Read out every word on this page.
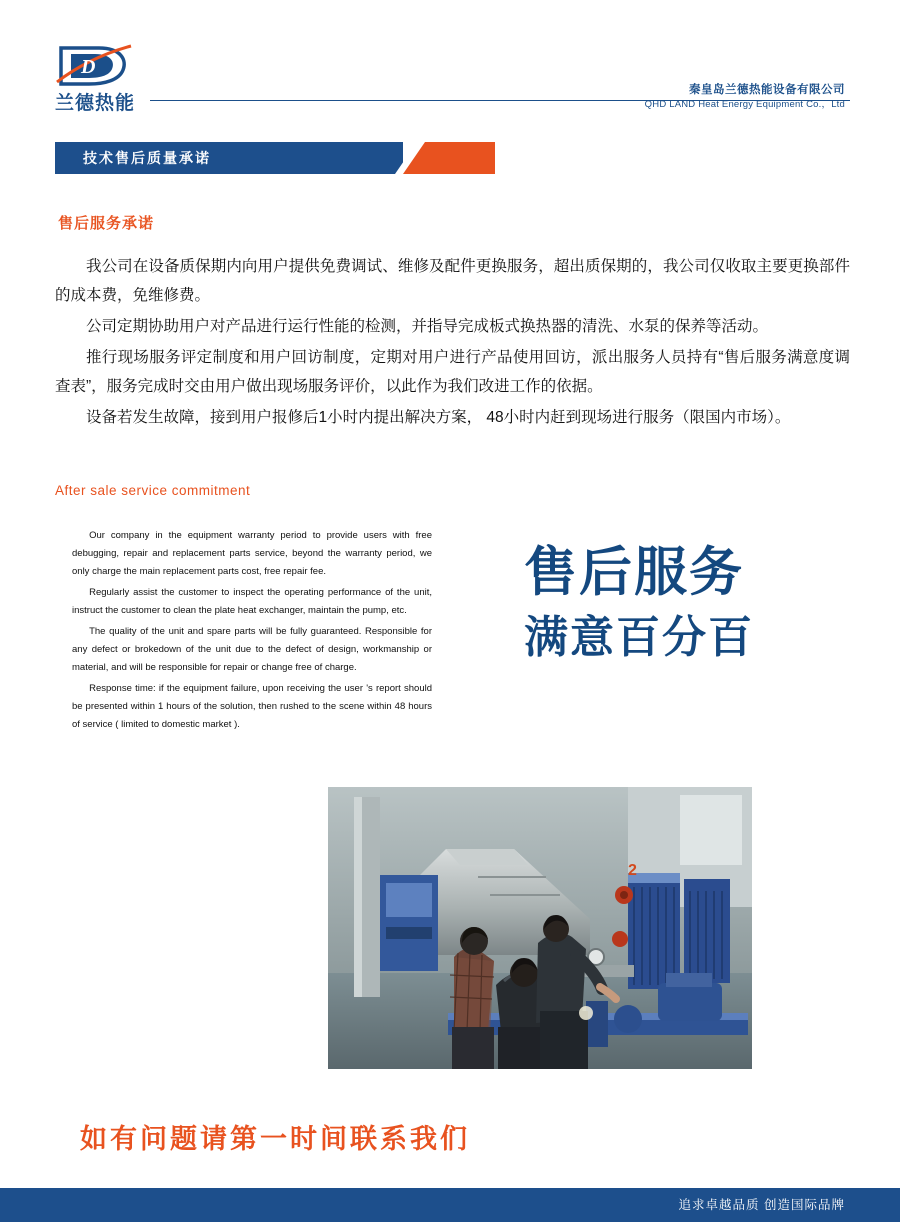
D
兰德热能
秦皇岛兰德热能设备有限公司
QHD LAND Heat Energy Equipment Co.，Ltd
技术售后质量承诺
售后服务承诺

我公司在设备质保期内向用户提供免费调试、维修及配件更换服务，超出质保期的，我公司仅收取主要更换部件的成本费，免维修费。

公司定期协助用户对产品进行运行性能的检测，并指导完成板式换热器的清洗、水泵的保养等活动。

推行现场服务评定制度和用户回访制度，定期对用户进行产品使用回访，派出服务人员持有“售后服务满意度调查表”，服务完成时交由用户做出现场服务评价，以此作为我们改进工作的依据。

设备若发生故障，接到用户报修后1小时内提出解决方案， 48小时内赶到现场进行服务（限国内市场）。

After sale service commitment

Our company in the equipment warranty period to provide users with free debugging, repair and replacement parts service, beyond the warranty period, we only charge the main replacement parts cost, free repair fee.

Regularly assist the customer to inspect the operating performance of the unit, instruct the customer to clean the plate heat exchanger, maintain the pump, etc.

The quality of the unit and spare parts will be fully guaranteed. Responsible for any defect or brokedown of the unit due to the defect of design, workmanship or material, and will be responsible for repair or change free of charge.

Response time: if the equipment failure, upon receiving the user 's report should be presented within 1 hours of the solution, then rushed to the scene within 48 hours of service ( limited to domestic market ).

售后服务
满意百分百
2
如有问题请第一时间联系我们
追求卓越品质 创造国际品牌
